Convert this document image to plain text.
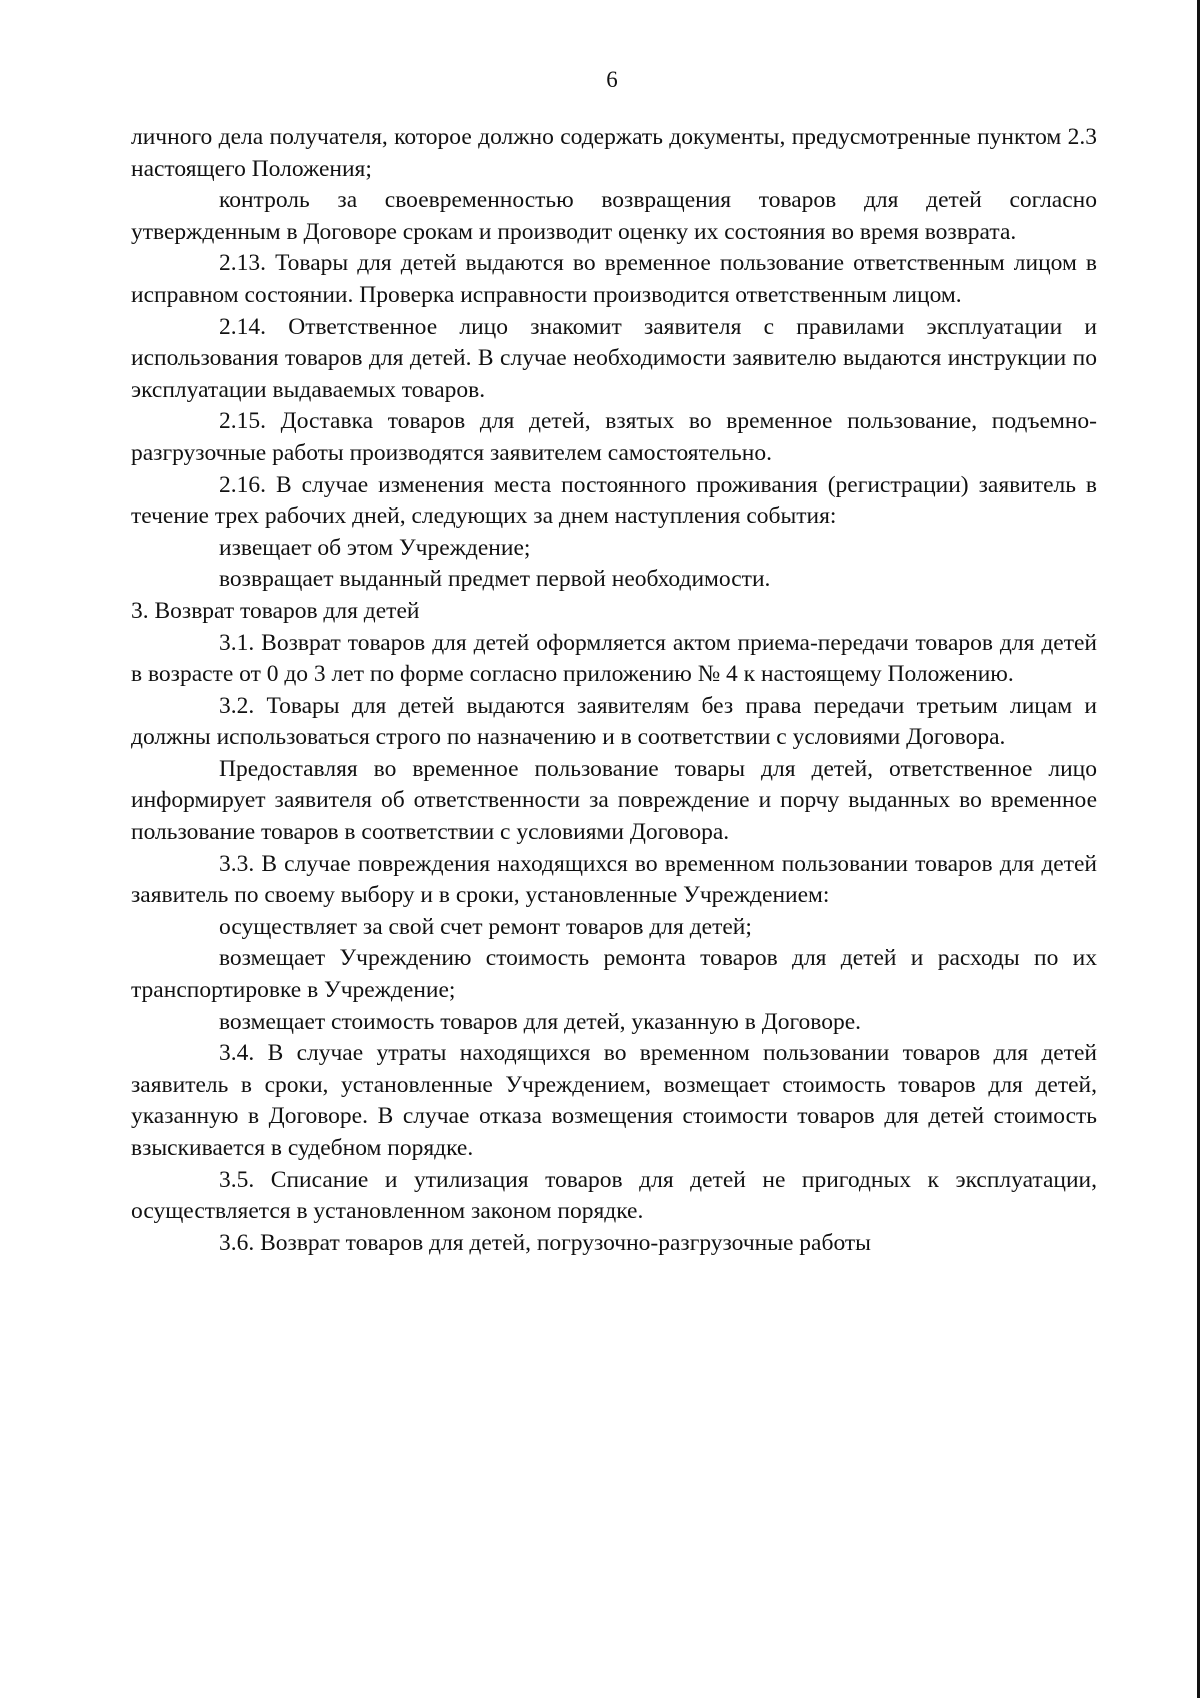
6

личного дела получателя, которое должно содержать документы, предусмотренные пунктом 2.3 настоящего Положения;

контроль за своевременностью возвращения товаров для детей согласно утвержденным в Договоре срокам и производит оценку их состояния во время возврата.

2.13. Товары для детей выдаются во временное пользование ответственным лицом в исправном состоянии. Проверка исправности производится ответственным лицом.

2.14. Ответственное лицо знакомит заявителя с правилами эксплуатации и использования товаров для детей. В случае необходимости заявителю выдаются инструкции по эксплуатации выдаваемых товаров.

2.15. Доставка товаров для детей, взятых во временное пользование, подъемно-разгрузочные работы производятся заявителем самостоятельно.

2.16. В случае изменения места постоянного проживания (регистрации) заявитель в течение трех рабочих дней, следующих за днем наступления события:

извещает об этом Учреждение;

возвращает выданный предмет первой необходимости.

3. Возврат товаров для детей

3.1. Возврат товаров для детей оформляется актом приема-передачи товаров для детей в возрасте от 0 до 3 лет по форме согласно приложению № 4 к настоящему Положению.

3.2. Товары для детей выдаются заявителям без права передачи третьим лицам и должны использоваться строго по назначению и в соответствии с условиями Договора.

Предоставляя во временное пользование товары для детей, ответственное лицо информирует заявителя об ответственности за повреждение и порчу выданных во временное пользование товаров в соответствии с условиями Договора.

3.3. В случае повреждения находящихся во временном пользовании товаров для детей заявитель по своему выбору и в сроки, установленные Учреждением:

осуществляет за свой счет ремонт товаров для детей;

возмещает Учреждению стоимость ремонта товаров для детей и расходы по их транспортировке в Учреждение;

возмещает стоимость товаров для детей, указанную в Договоре.

3.4. В случае утраты находящихся во временном пользовании товаров для детей заявитель в сроки, установленные Учреждением, возмещает стоимость товаров для детей, указанную в Договоре. В случае отказа возмещения стоимости товаров для детей стоимость взыскивается в судебном порядке.

3.5. Списание и утилизация товаров для детей не пригодных к эксплуатации, осуществляется в установленном законом порядке.

3.6. Возврат товаров для детей, погрузочно-разгрузочные работы
